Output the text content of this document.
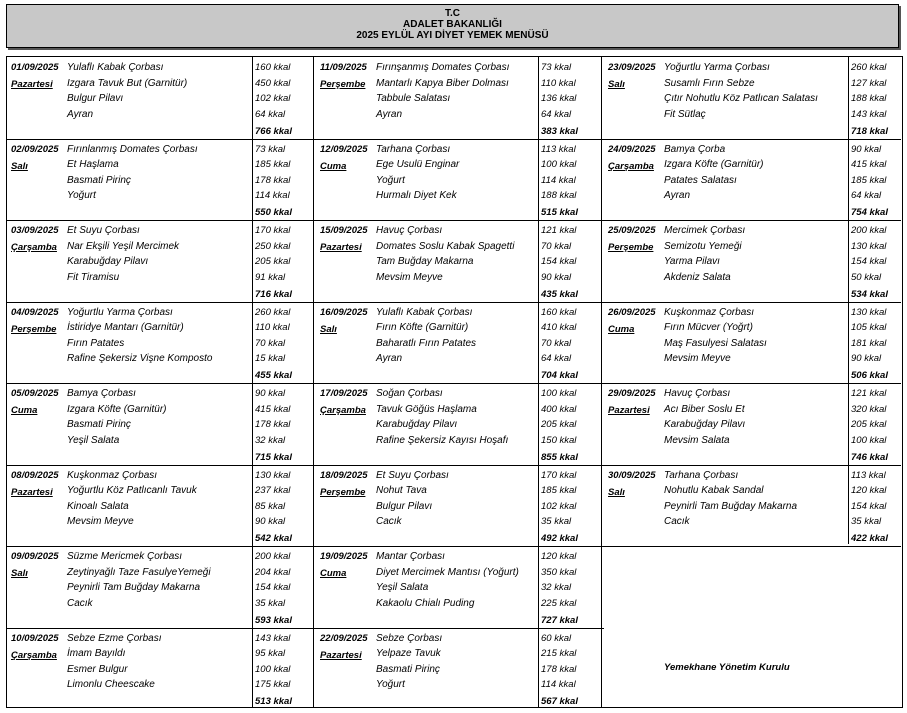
T.C
ADALET BAKANLIĞI
2025 EYLÜL AYI DİYET YEMEK MENÜSÜ
01/09/2025
Pazartesi
Yulaflı Kabak Çorbası
Izgara Tavuk But (Garnitür)
Bulgur Pilavı
Ayran
160 kkal
450 kkal
102 kkal
64 kkal
766 kkal
02/09/2025
Salı
Fırınlanmış Domates Çorbası
Et Haşlama
Basmati Pirinç
Yoğurt
73 kkal
185 kkal
178 kkal
114 kkal
550 kkal
03/09/2025
Çarşamba
Et Suyu Çorbası
Nar Ekşili Yeşil Mercimek
Karabuğday Pilavı
Fit Tiramisu
170 kkal
250 kkal
205 kkal
91 kkal
716 kkal
04/09/2025
Perşembe
Yoğurtlu Yarma Çorbası
İstiridye Mantarı (Garnitür)
Fırın Patates
Rafine Şekersiz Vişne Komposto
260 kkal
110 kkal
70 kkal
15 kkal
455 kkal
05/09/2025
Cuma
Bamya Çorbası
Izgara Köfte (Garnitür)
Basmati Pirinç
Yeşil Salata
90 kkal
415 kkal
178 kkal
32 kkal
715 kkal
08/09/2025
Pazartesi
Kuşkonmaz Çorbası
Yoğurtlu Köz Patlıcanlı Tavuk
Kinoalı Salata
Mevsim Meyve
130 kkal
237 kkal
85 kkal
90 kkal
542 kkal
09/09/2025
Salı
Süzme Mericmek Çorbası
Zeytinyağlı Taze FasulyeYemeği
Peynirli Tam Buğday Makarna
Cacık
200 kkal
204 kkal
154 kkal
35 kkal
593 kkal
10/09/2025
Çarşamba
Sebze Ezme Çorbası
İmam Bayıldı
Esmer Bulgur
Limonlu Cheescake
143 kkal
95 kkal
100 kkal
175 kkal
513 kkal
11/09/2025
Perşembe
Fırınşanmış Domates Çorbası
Mantarlı Kapya Biber Dolması
Tabbule Salatası
Ayran
73 kkal
110 kkal
136 kkal
64 kkal
383 kkal
12/09/2025
Cuma
Tarhana Çorbası
Ege Usulü Enginar
Yoğurt
Hurmalı Diyet Kek
113 kkal
100 kkal
114 kkal
188 kkal
515 kkal
15/09/2025
Pazartesi
Havuç Çorbası
Domates Soslu Kabak Spagetti
Tam Buğday Makarna
Mevsim Meyve
121 kkal
70 kkal
154 kkal
90 kkal
435 kkal
16/09/2025
Salı
Yulaflı Kabak Çorbası
Fırın Köfte (Garnitür)
Baharatlı Fırın Patates
Ayran
160 kkal
410 kkal
70 kkal
64 kkal
704 kkal
17/09/2025
Çarşamba
Soğan Çorbası
Tavuk Göğüs Haşlama
Karabuğday Pilavı
Rafine Şekersiz Kayısı Hoşafı
100 kkal
400 kkal
205 kkal
150 kkal
855 kkal
18/09/2025
Perşembe
Et Suyu Çorbası
Nohut Tava
Bulgur Pilavı
Cacık
170 kkal
185 kkal
102 kkal
35 kkal
492 kkal
19/09/2025
Cuma
Mantar Çorbası
Diyet Mercimek Mantısı (Yoğurt)
Yeşil Salata
Kakaolu Chialı Puding
120 kkal
350 kkal
32 kkal
225 kkal
727 kkal
22/09/2025
Pazartesi
Sebze Çorbası
Yelpaze Tavuk
Basmati Pirinç
Yoğurt
60 kkal
215 kkal
178 kkal
114 kkal
567 kkal
23/09/2025
Salı
Yoğurtlu Yarma Çorbası
Susamlı Fırın Sebze
Çıtır Nohutlu Köz Patlıcan Salatası
Fit Sütlaç
260 kkal
127 kkal
188 kkal
143 kkal
718 kkal
24/09/2025
Çarşamba
Bamya Çorba
Izgara Köfte (Garnitür)
Patates Salatası
Ayran
90 kkal
415 kkal
185 kkal
64 kkal
754 kkal
25/09/2025
Perşembe
Mercimek Çorbası
Semizotu Yemeği
Yarma Pilavı
Akdeniz Salata
200 kkal
130 kkal
154 kkal
50 kkal
534 kkal
26/09/2025
Cuma
Kuşkonmaz Çorbası
Fırın Mücver (Yoğrt)
Maş Fasulyesi Salatası
Mevsim Meyve
130 kkal
105 kkal
181 kkal
90 kkal
506 kkal
29/09/2025
Pazartesi
Havuç Çorbası
Acı Biber Soslu Et
Karabuğday Pilavı
Mevsim Salata
121 kkal
320 kkal
205 kkal
100 kkal
746 kkal
30/09/2025
Salı
Tarhana Çorbası
Nohutlu Kabak Sandal
Peynirli Tam Buğday Makarna
Cacık
113 kkal
120 kkal
154 kkal
35 kkal
422 kkal
Yemekhane Yönetim Kurulu
